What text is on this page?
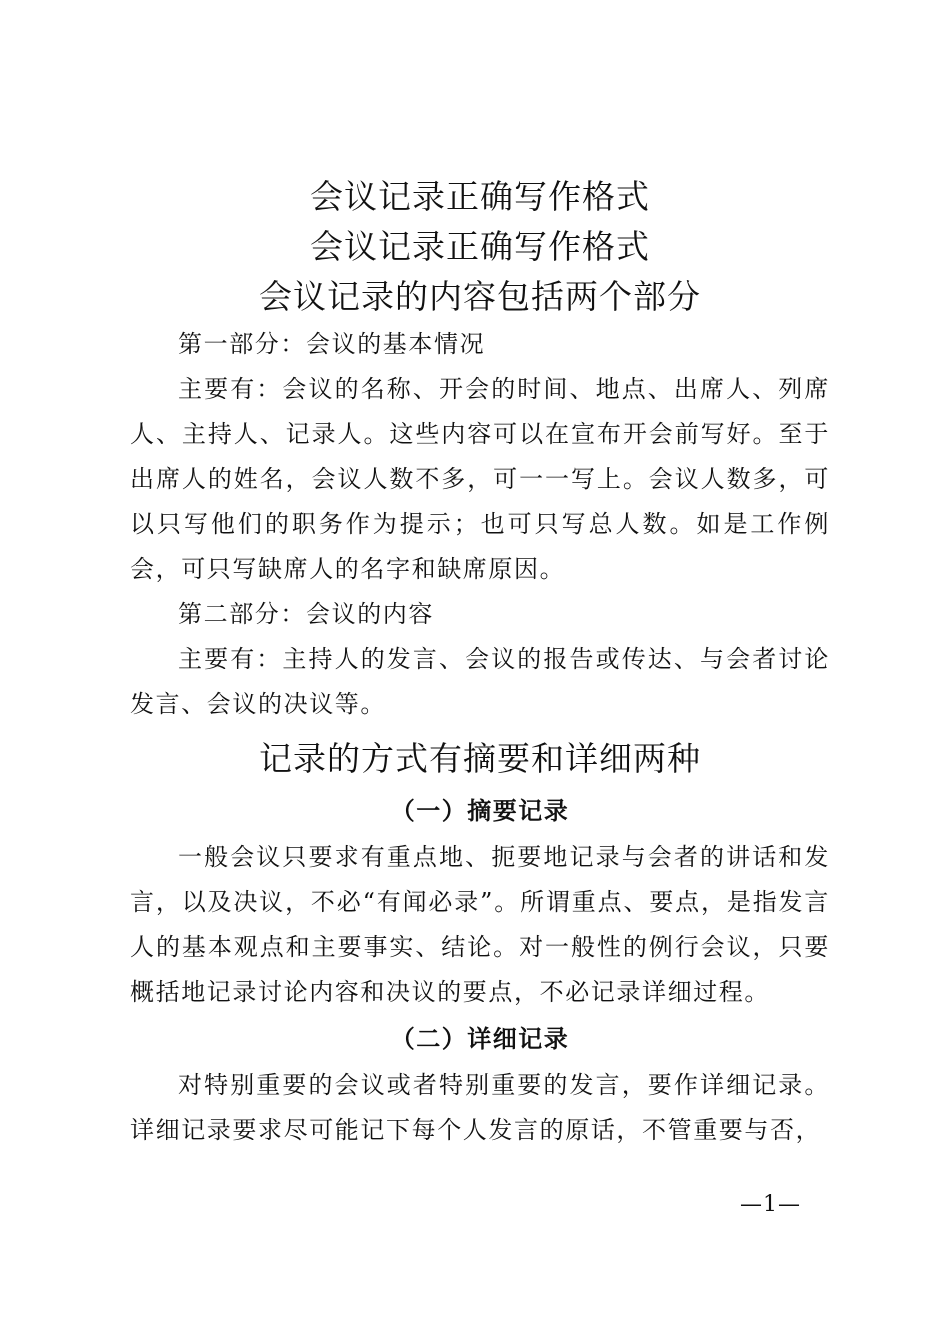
会议记录正确写作格式
会议记录正确写作格式
会议记录的内容包括两个部分

第一部分：会议的基本情况

主要有：会议的名称、开会的时间、地点、出席人、列席人、主持人、记录人。这些内容可以在宣布开会前写好。至于出席人的姓名，会议人数不多，可一一写上。会议人数多，可以只写他们的职务作为提示；也可只写总人数。如是工作例会，可只写缺席人的名字和缺席原因。

第二部分：会议的内容

主要有：主持人的发言、会议的报告或传达、与会者讨论发言、会议的决议等。

记录的方式有摘要和详细两种
（一）摘要记录

一般会议只要求有重点地、扼要地记录与会者的讲话和发言，以及决议，不必“有闻必录”。所谓重点、要点，是指发言人的基本观点和主要事实、结论。对一般性的例行会议，只要概括地记录讨论内容和决议的要点，不必记录详细过程。

（二）详细记录

对特别重要的会议或者特别重要的发言，要作详细记录。详细记录要求尽可能记下每个人发言的原话，不管重要与否，

—1—
